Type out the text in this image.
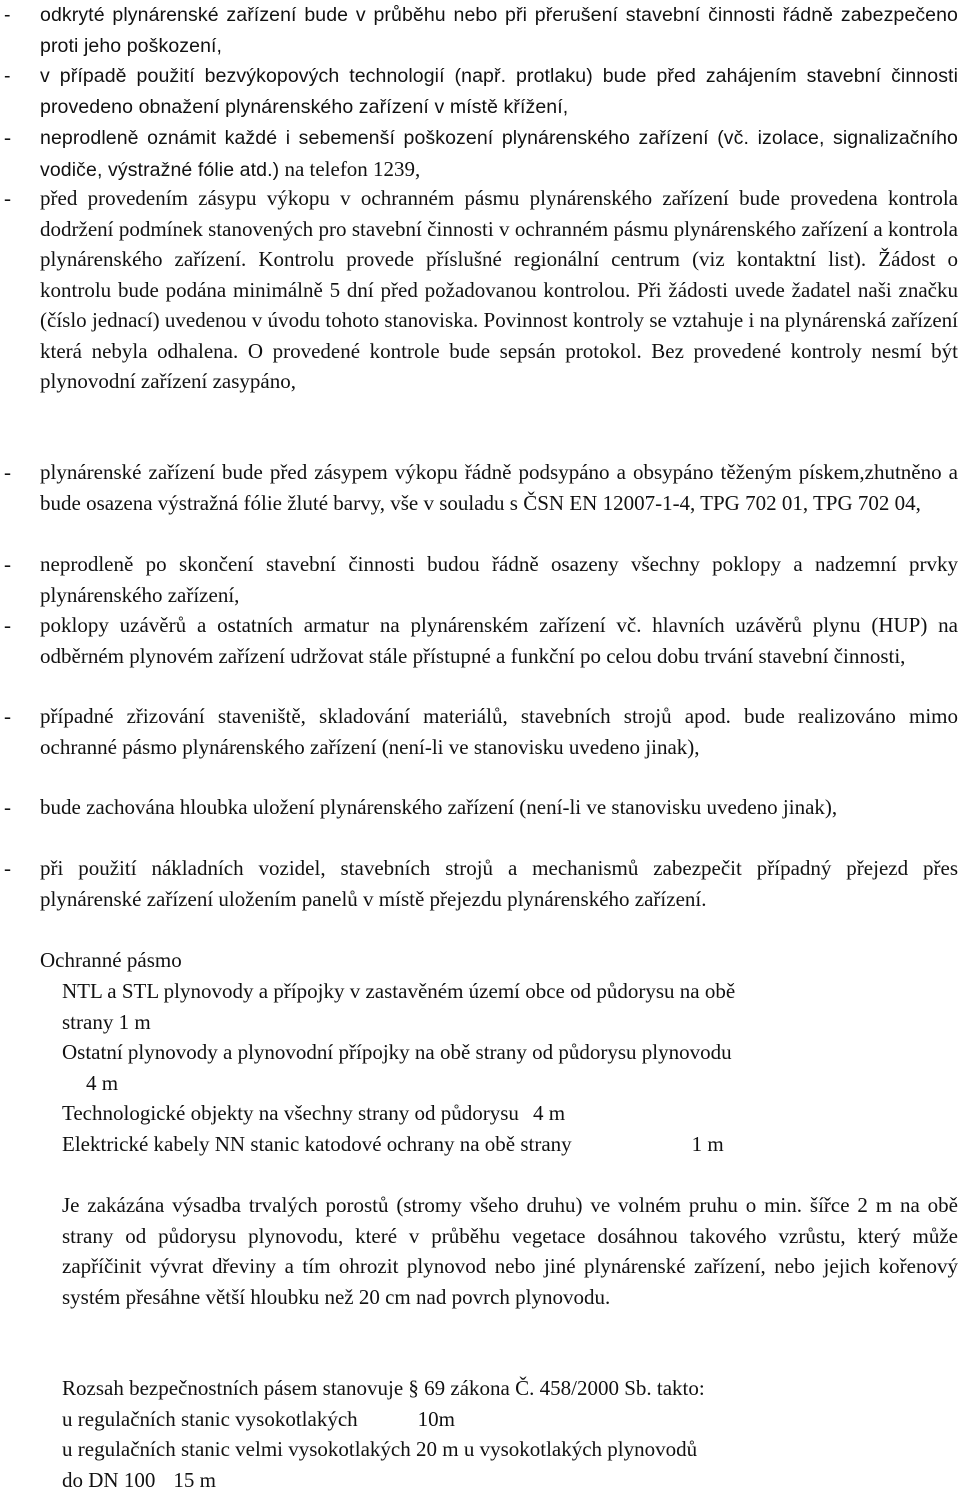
- odkryté plynárenské zařízení bude v průběhu nebo při přerušení stavební činnosti řádně zabezpečeno proti jeho poškození,
- v případě použití bezvýkopových technologií (např. protlaku) bude před zahájením stavební činnosti provedeno obnažení plynárenského zařízení v místě křížení,
- neprodleně oznámit každé i sebemenší poškození plynárenského zařízení (vč. izolace, signalizačního vodiče, výstražné fólie atd.) na telefon 1239,
- před provedením zásypu výkopu v ochranném pásmu plynárenského zařízení bude provedena kontrola dodržení podmínek stanovených pro stavební činnosti v ochranném pásmu plynárenského zařízení a kontrola plynárenského zařízení. Kontrolu provede příslušné regionální centrum (viz kontaktní list). Žádost o kontrolu bude podána minimálně 5 dní před požadovanou kontrolou. Při žádosti uvede žadatel naši značku (číslo jednací) uvedenou v úvodu tohoto stanoviska. Povinnost kontroly se vztahuje i na plynárenská zařízení která nebyla odhalena. O provedené kontrole bude sepsán protokol. Bez provedené kontroly nesmí být plynovodní zařízení zasypáno,
- plynárenské zařízení bude před zásypem výkopu řádně podsypáno a obsypáno těženým pískem,zhutněno a bude osazena výstražná fólie žluté barvy, vše v souladu s ČSN EN 12007-1-4, TPG 702 01, TPG 702 04,
- neprodleně po skončení stavební činnosti budou řádně osazeny všechny poklopy a nadzemní prvky plynárenského zařízení,
- poklopy uzávěrů a ostatních armatur na plynárenském zařízení vč. hlavních uzávěrů plynu (HUP) na odběrném plynovém zařízení udržovat stále přístupné a funkční po celou dobu trvání stavební činnosti,
- případné zřizování staveniště, skladování materiálů, stavebních strojů apod. bude realizováno mimo ochranné pásmo plynárenského zařízení (není-li ve stanovisku uvedeno jinak),
- bude zachována hloubka uložení plynárenského zařízení (není-li ve stanovisku uvedeno jinak),
- při použití nákladních vozidel, stavebních strojů a mechanismů zabezpečit případný přejezd přes plynárenské zařízení uložením panelů v místě přejezdu plynárenského zařízení.
Ochranné pásmo
NTL a STL plynovody a přípojky v zastavěném území obce od půdorysu na obě
strany 1 m
Ostatní plynovody a plynovodní přípojky na obě strany od půdorysu plynovodu
4 m
Technologické objekty na všechny strany od půdorysu 4 m
Elektrické kabely NN stanic katodové ochrany na obě strany	1 m
Je zakázána výsadba trvalých porostů (stromy všeho druhu) ve volném pruhu o min. šířce 2 m na obě strany od půdorysu plynovodu, které v průběhu vegetace dosáhnou takového vzrůstu, který může zapříčinit vývrat dřeviny a tím ohrozit plynovod nebo jiné plynárenské zařízení, nebo jejich kořenový systém přesáhne větší hloubku než 20 cm nad povrch plynovodu.
Rozsah bezpečnostních pásem stanovuje § 69 zákona Č. 458/2000 Sb. takto:
u regulačních stanic vysokotlakých	10m
u regulačních stanic velmi vysokotlakých 20 m u vysokotlakých plynovodů
do DN 100 15 m
